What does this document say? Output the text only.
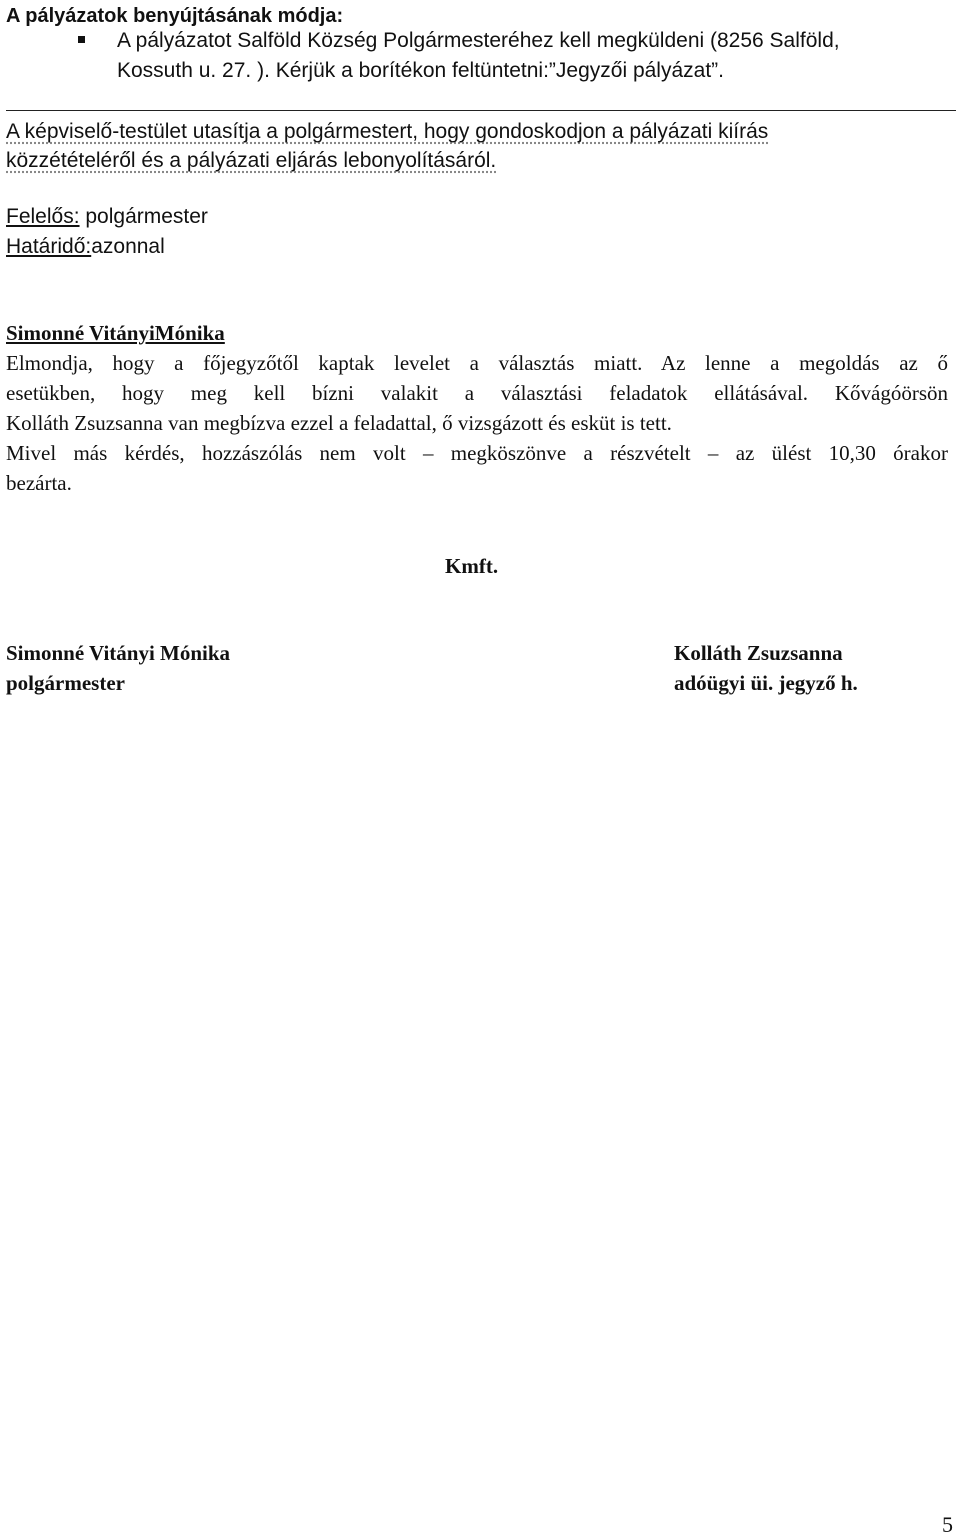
A pályázatok benyújtásának módja:
A pályázatot Salföld Község Polgármesteréhez kell megküldeni (8256 Salföld,
Kossuth u. 27. ). Kérjük a borítékon feltüntetni:”Jegyzői pályázat”.
A képviselő-testület utasítja a polgármestert, hogy gondoskodjon a pályázati kiírás
közzétételéről és a pályázati eljárás lebonyolításáról.
Felelős: polgármester
Határidő:azonnal
Simonné VitányiMónika
Elmondja, hogy a főjegyzőtől kaptak levelet a választás miatt. Az lenne a megoldás az ő
esetükben, hogy meg kell bízni valakit a választási feladatok ellátásával. Kővágóörsön
Kolláth Zsuzsanna van megbízva ezzel a feladattal, ő vizsgázott és esküt is tett.
Mivel más kérdés, hozzászólás nem volt – megköszönve a részvételt – az ülést 10,30 órakor
bezárta.
Kmft.
Simonné Vitányi Mónika
polgármester
Kolláth Zsuzsanna
adóügyi üi. jegyző h.
5
